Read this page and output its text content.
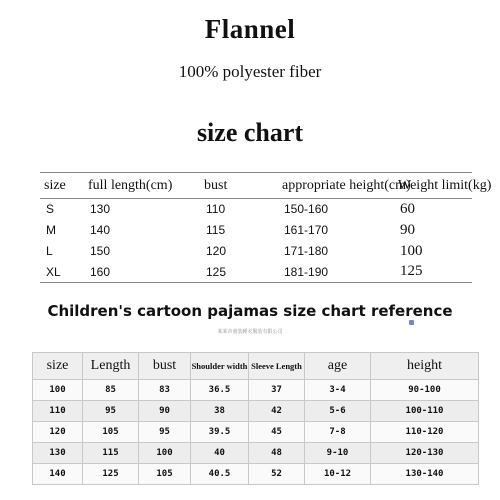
Flannel
100% polyester fiber
size chart
size	full length(cm)	bust	appropriate height(cm)	Weight limit(kg)
S	130	110	150-160	60
M	140	115	161-170	90
L	150	120	171-180	100
XL	160	125	181-190	125
Children's cartoon pajamas size chart reference
某某市童装睡衣服装有限公司
size	Length	bust	Shoulder width	Sleeve Length	age	height
100	85	83	36.5	37	3-4	90-100
110	95	90	38	42	5-6	100-110
120	105	95	39.5	45	7-8	110-120
130	115	100	40	48	9-10	120-130
140	125	105	40.5	52	10-12	130-140
